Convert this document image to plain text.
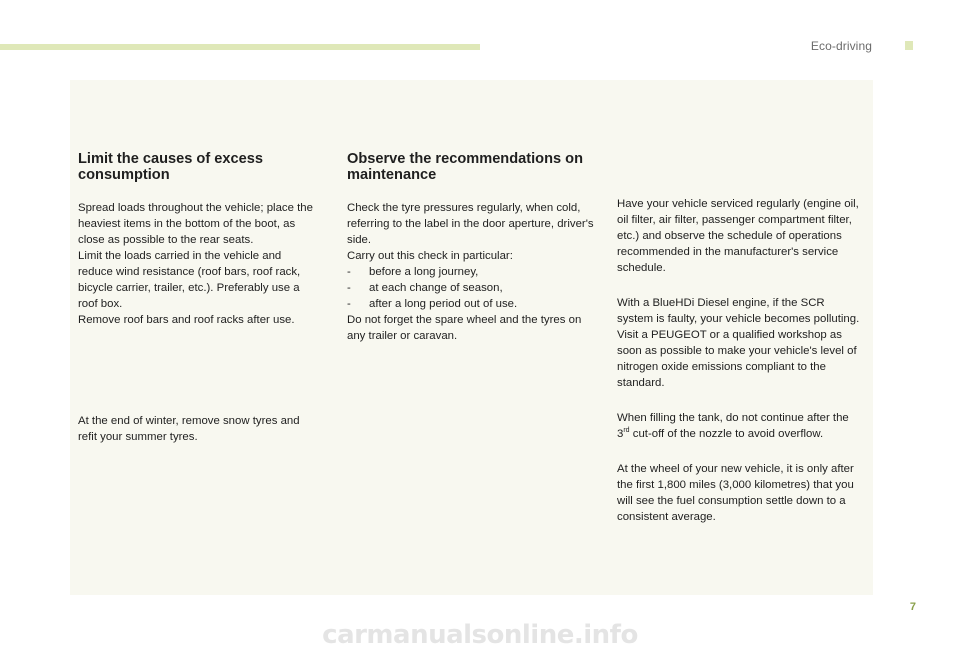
Eco-driving
Limit the causes of excess consumption

Spread loads throughout the vehicle; place the heaviest items in the bottom of the boot, as close as possible to the rear seats.
Limit the loads carried in the vehicle and reduce wind resistance (roof bars, roof rack, bicycle carrier, trailer, etc.). Preferably use a roof box.
Remove roof bars and roof racks after use.

At the end of winter, remove snow tyres and refit your summer tyres.

Observe the recommendations on maintenance

Check the tyre pressures regularly, when cold, referring to the label in the door aperture, driver's side.

Carry out this check in particular:

- before a long journey,
- at each change of season,
- after a long period out of use.

Do not forget the spare wheel and the tyres on any trailer or caravan.

Have your vehicle serviced regularly (engine oil, oil filter, air filter, passenger compartment filter, etc.) and observe the schedule of operations recommended in the manufacturer's service schedule.

With a BlueHDi Diesel engine, if the SCR system is faulty, your vehicle becomes polluting. Visit a PEUGEOT or a qualified workshop as soon as possible to make your vehicle's level of nitrogen oxide emissions compliant to the standard.

When filling the tank, do not continue after the 3rd cut-off of the nozzle to avoid overflow.

At the wheel of your new vehicle, it is only after the first 1,800 miles (3,000 kilometres) that you will see the fuel consumption settle down to a consistent average.

7
carmanualsonline.info
